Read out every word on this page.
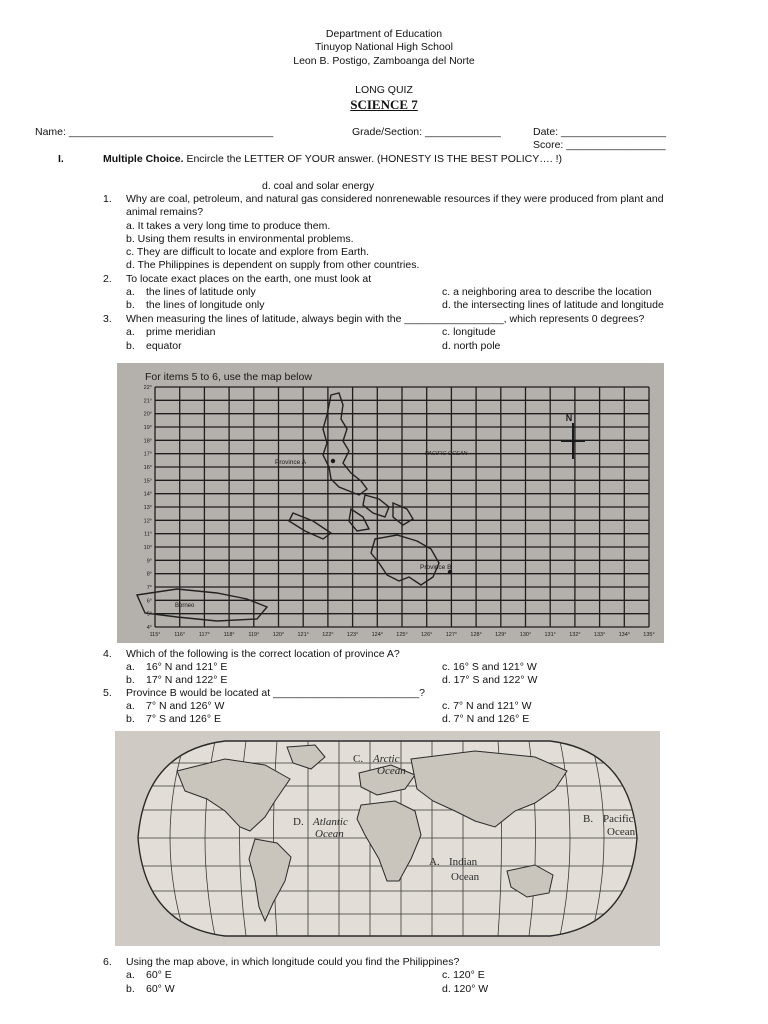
Department of Education
Tinuyop National High School
Leon B. Postigo, Zamboanga del Norte
LONG QUIZ
SCIENCE 7
Name: ___________________________________	Grade/Section: _____________	Date: __________________
Score: _________________
I.	Multiple Choice. Encircle the LETTER OF YOUR answer. (HONESTY IS THE BEST POLICY…. !)
d. coal and solar energy
1. Why are coal, petroleum, and natural gas considered nonrenewable resources if they were produced from plant and
animal remains?
a. It takes a very long time to produce them.
b. Using them results in environmental problems.
c. They are difficult to locate and explore from Earth.
d. The Philippines is dependent on supply from other countries.
2. To locate exact places on the earth, one must look at
a. the lines of latitude only
b. the lines of longitude only
c. a neighboring area to describe the location
d. the intersecting lines of latitude and longitude
3. When measuring the lines of latitude, always begin with the _________________, which represents 0 degrees?
a. prime meridian
b. equator
c. longitude
d. north pole
For items 5 to 6, use the map below
22°
21°
20°
19°
18°
17°
16°
15°
14°
13°
12°
11°
10°
9°
8°
7°
6°
5°
4°
115° 116° 117° 118° 119° 120° 121° 122° 123° 124° 125° 126° 127° 128° 129° 130° 131° 132° 133° 134° 135°
Province A
Province B
PACIFIC OCEAN
Borneo
N
4. Which of the following is the correct location of province A?
a. 16° N and 121° E
b. 17° N and 122° E
c. 16° S and 121° W
d. 17° S and 122° W
5. Province B would be located at _________________________?
a. 7° N and 126° W
b. 7° S and 126° E
c. 7° N and 121° W
d. 7° N and 126° E
C. Arctic
Ocean
D. Atlantic
Ocean
B. Pacific
Ocean
A. Indian
Ocean
6. Using the map above, in which longitude could you find the Philippines?
a. 60° E
b. 60° W
c. 120° E
d. 120° W
